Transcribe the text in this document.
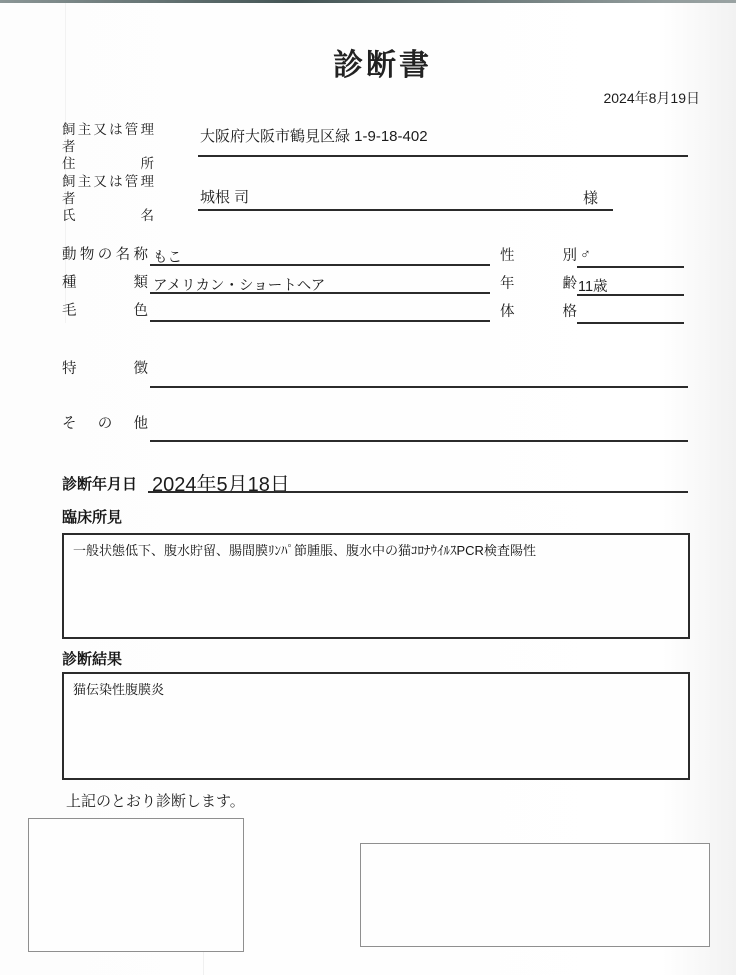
診断書
2024年8月19日
飼主又は管理者
住所
大阪府大阪市鶴見区緑 1-9-18-402
飼主又は管理者
氏名
城根 司	様
動物の名称 もこ	性別 ♂
種類 アメリカン・ショートヘア	年齢 11歳
毛色	体格
特徴
その他
診断年月日 2024年5月18日
臨床所見
一般状態低下、腹水貯留、腸間膜ﾘﾝﾊﾟ節腫脹、腹水中の猫ｺﾛﾅｳｲﾙｽPCR検査陽性
診断結果
猫伝染性腹膜炎
上記のとおり診断します。
